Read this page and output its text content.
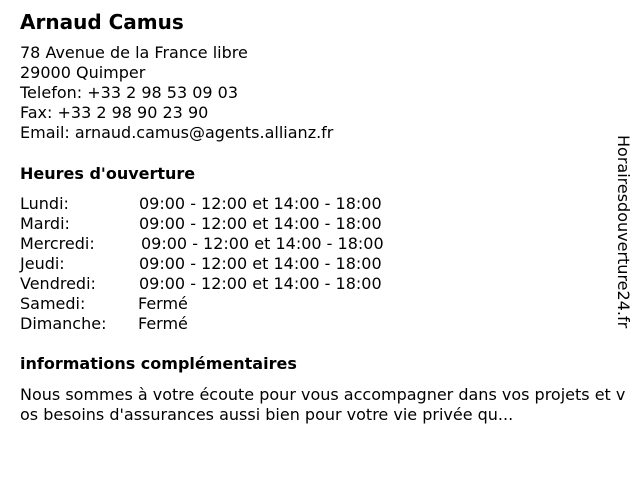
Arnaud Camus
78 Avenue de la France libre
29000 Quimper
Telefon: +33 2 98 53 09 03
Fax: +33 2 98 90 23 90
Email: arnaud.camus@agents.allianz.fr
Heures d'ouverture
Lundi:	09:00 - 12:00 et 14:00 - 18:00
Mardi:	09:00 - 12:00 et 14:00 - 18:00
Mercredi:	09:00 - 12:00 et 14:00 - 18:00
Jeudi:	09:00 - 12:00 et 14:00 - 18:00
Vendredi:	09:00 - 12:00 et 14:00 - 18:00
Samedi:	Fermé
Dimanche: Fermé
informations complémentaires

Nous sommes à votre écoute pour vous accompagner dans vos projets et vos besoins d'assurances aussi bien pour votre vie privée qu...

Horairesdouverture24.fr
